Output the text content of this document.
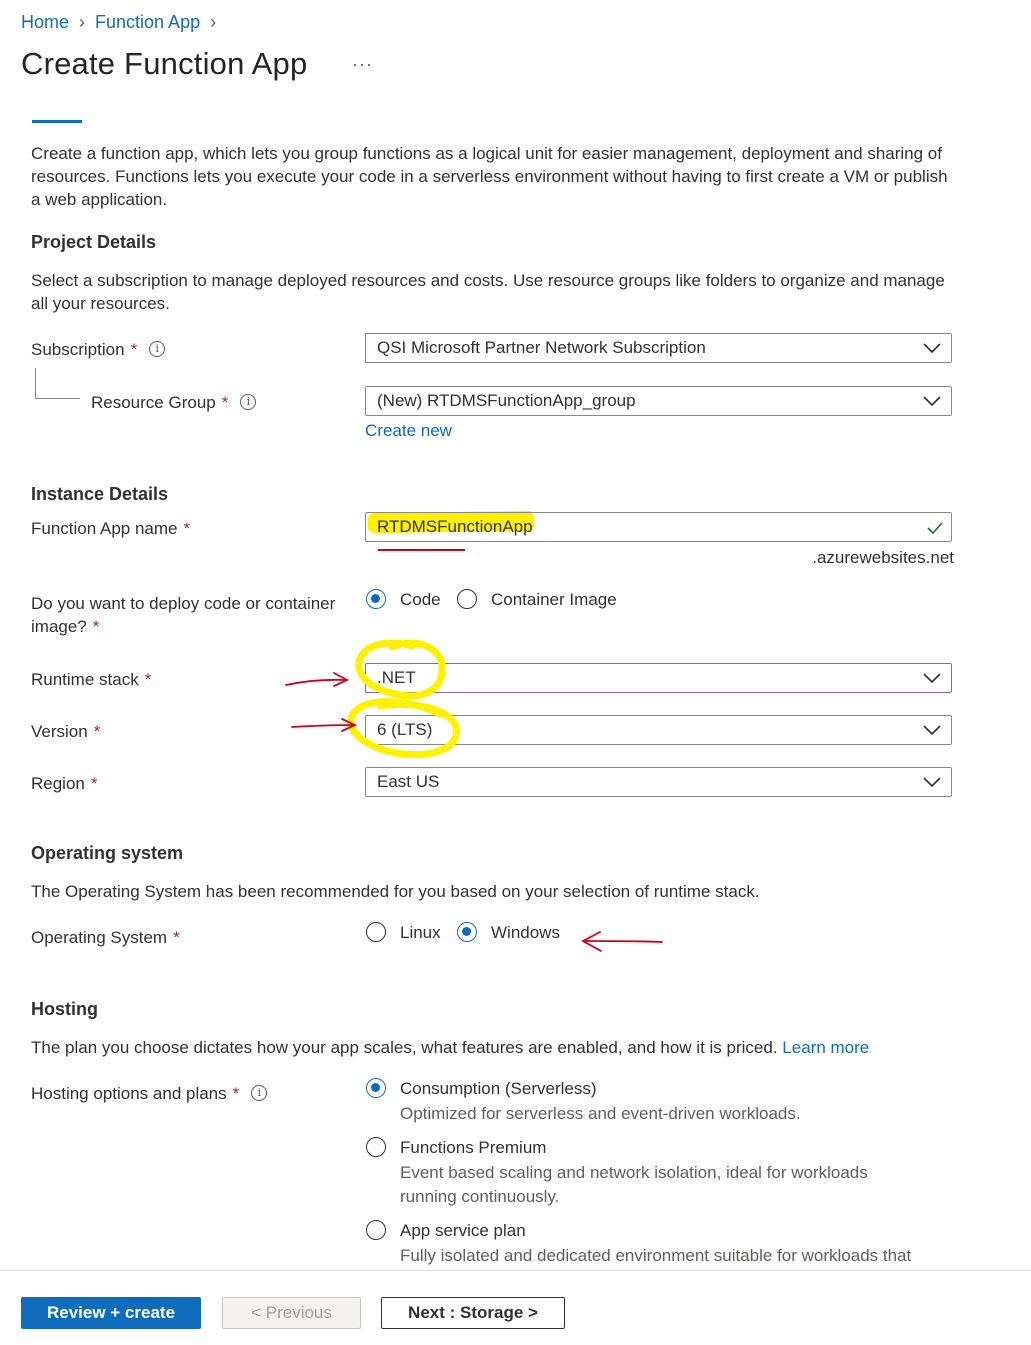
Home › Function App ›
Create Function App ···
Create a function app, which lets you group functions as a logical unit for easier management, deployment and sharing of resources. Functions lets you execute your code in a serverless environment without having to first create a VM or publish a web application.
Project Details
Select a subscription to manage deployed resources and costs. Use resource groups like folders to organize and manage all your resources.
Subscription * i	QSI Microsoft Partner Network Subscription
Resource Group * i	(New) RTDMSFunctionApp_group
Create new
Instance Details
Function App name *	RTDMSFunctionApp
.azurewebsites.net
Do you want to deploy code or container image? *
Code	Container Image
Runtime stack *	.NET
Version *	6 (LTS)
Region *	East US
Operating system
The Operating System has been recommended for you based on your selection of runtime stack.
Operating System *	Linux	Windows
Hosting
The plan you choose dictates how your app scales, what features are enabled, and how it is priced. Learn more
Hosting options and plans * i	Consumption (Serverless)
Optimized for serverless and event-driven workloads.
Functions Premium
Event based scaling and network isolation, ideal for workloads running continuously.
App service plan
Fully isolated and dedicated environment suitable for workloads that
Review + create	< Previous	Next : Storage >
